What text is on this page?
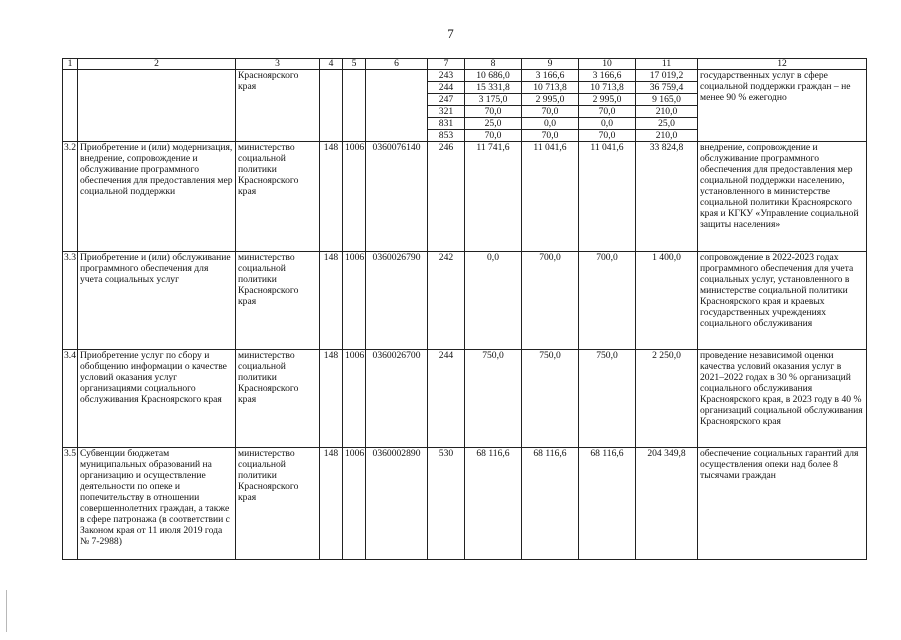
7
1	2	3	4	5	6	7	8	9	10	11	12
		Красноярского края				243	10 686,0	3 166,6	3 166,6	17 019,2	государственных услуг в сфере социальной поддержки граждан – не менее 90 % ежегодно
						244	15 331,8	10 713,8	10 713,8	36 759,4	
						247	3 175,0	2 995,0	2 995,0	9 165,0	
						321	70,0	70,0	70,0	210,0	
						831	25,0	0,0	0,0	25,0	
						853	70,0	70,0	70,0	210,0	
3.2	Приобретение и (или) модернизация, внедрение, сопровождение и обслуживание программного обеспечения для предоставления мер социальной поддержки	министерство социальной политики Красноярского края	148	1006	0360076140	246	11 741,6	11 041,6	11 041,6	33 824,8	внедрение, сопровождение и обслуживание программного обеспечения для предоставления мер социальной поддержки населению, установленного в министерстве социальной политики Красноярского края и КГКУ «Управление социальной защиты населения»
3.3	Приобретение и (или) обслуживание программного обеспечения для учета социальных услуг	министерство социальной политики Красноярского края	148	1006	0360026790	242	0,0	700,0	700,0	1 400,0	сопровождение в 2022-2023 годах программного обеспечения для учета социальных услуг, установленного в министерстве социальной политики Красноярского края и краевых государственных учреждениях социального обслуживания
3.4	Приобретение услуг по сбору и обобщению информации о качестве условий оказания услуг организациями социального обслуживания Красноярского края	министерство социальной политики Красноярского края	148	1006	0360026700	244	750,0	750,0	750,0	2 250,0	проведение независимой оценки качества условий оказания услуг в 2021–2022 годах в 30 % организаций социального обслуживания Красноярского края, в 2023 году в 40 % организаций социальной обслуживания Красноярского края
3.5	Субвенции бюджетам муниципальных образований на организацию и осуществление деятельности по опеке и попечительству в отношении совершеннолетних граждан, а также в сфере патронажа (в соответствии с Законом края от 11 июля 2019 года № 7-2988)	министерство социальной политики Красноярского края	148	1006	0360002890	530	68 116,6	68 116,6	68 116,6	204 349,8	обеспечение социальных гарантий для осуществления опеки над более 8 тысячами граждан
